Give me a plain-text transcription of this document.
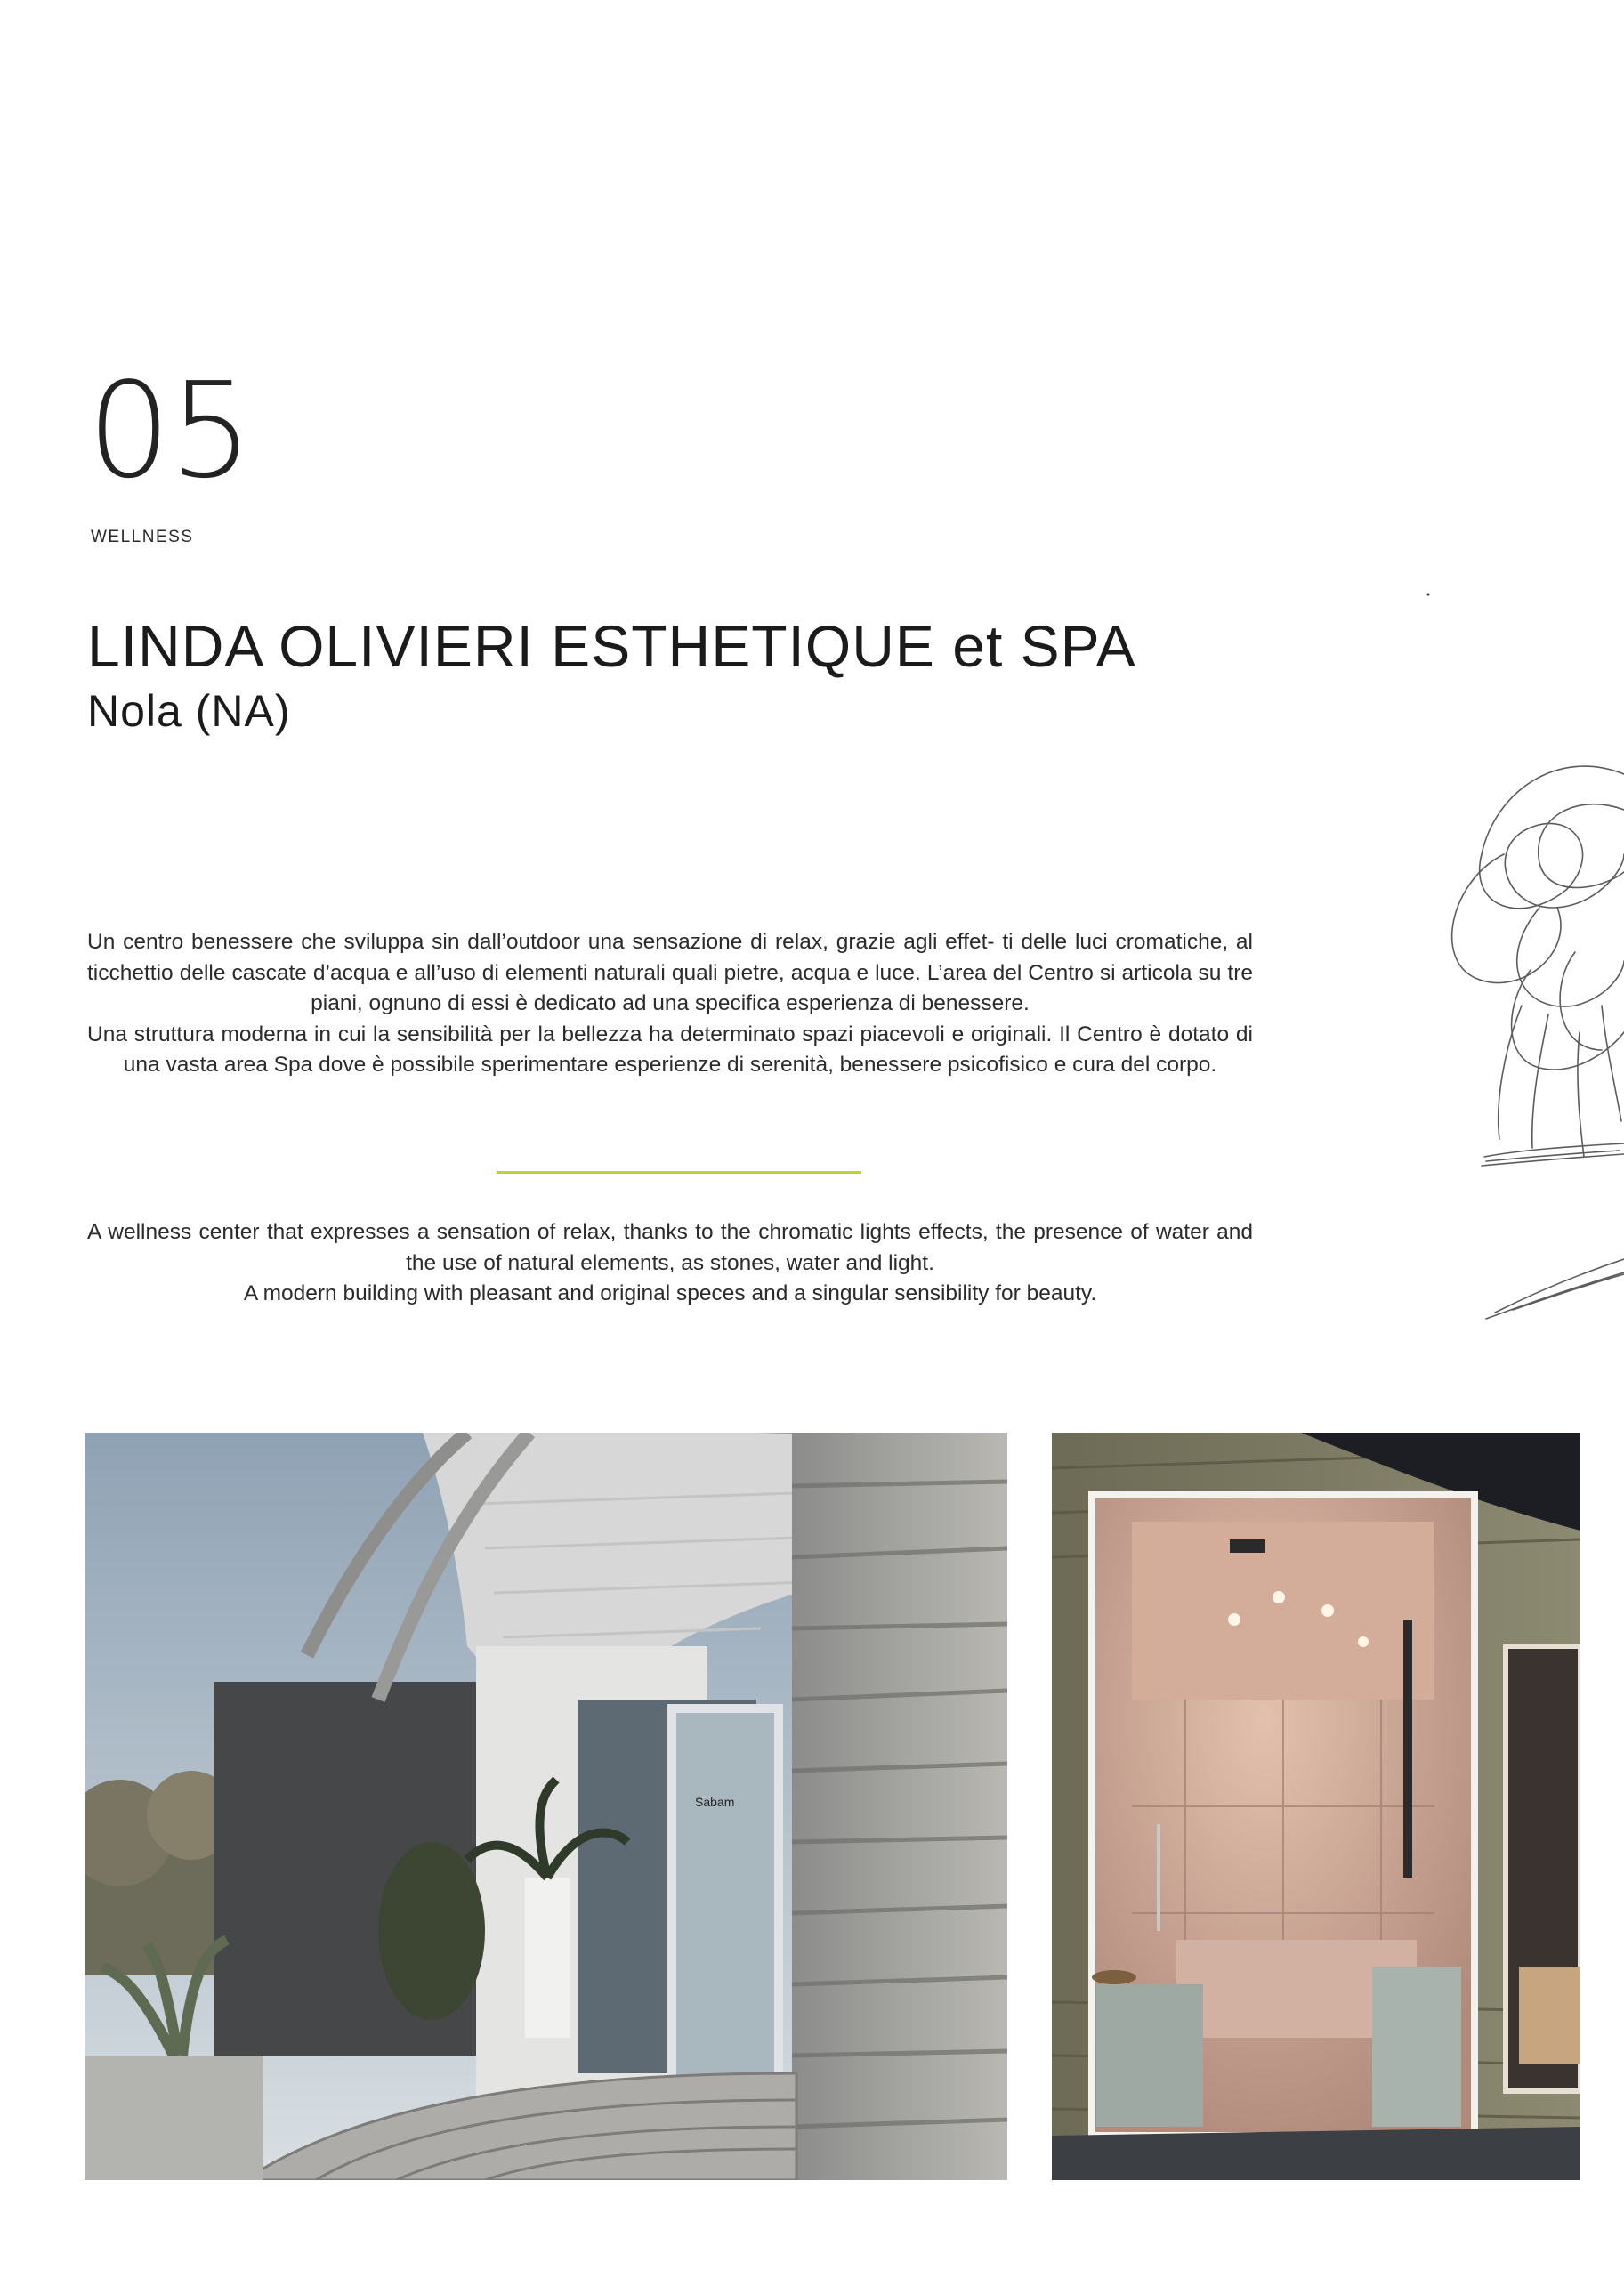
05
WELLNESS
LINDA OLIVIERI ESTHETIQUE et SPA
Nola (NA)

Un centro benessere che sviluppa sin dall’outdoor una sensazione di relax, grazie agli effet- ti delle luci cromatiche, al ticchettio delle cascate d’acqua e all’uso di elementi naturali quali pietre, acqua e luce. L’area del Centro si articola su tre piani, ognuno di essi è dedicato ad una specifica esperienza di benessere.

Una struttura moderna in cui la sensibilità per la bellezza ha determinato spazi piacevoli e originali. Il Centro è dotato di una vasta area Spa dove è possibile sperimentare esperienze di serenità, benessere psicofisico e cura del corpo.

A wellness center that expresses a sensation of relax, thanks to the chromatic lights effects, the presence of water and the use of natural elements, as stones, water and light.

A modern building with pleasant and original speces and a singular sensibility for beauty.

Sabam
